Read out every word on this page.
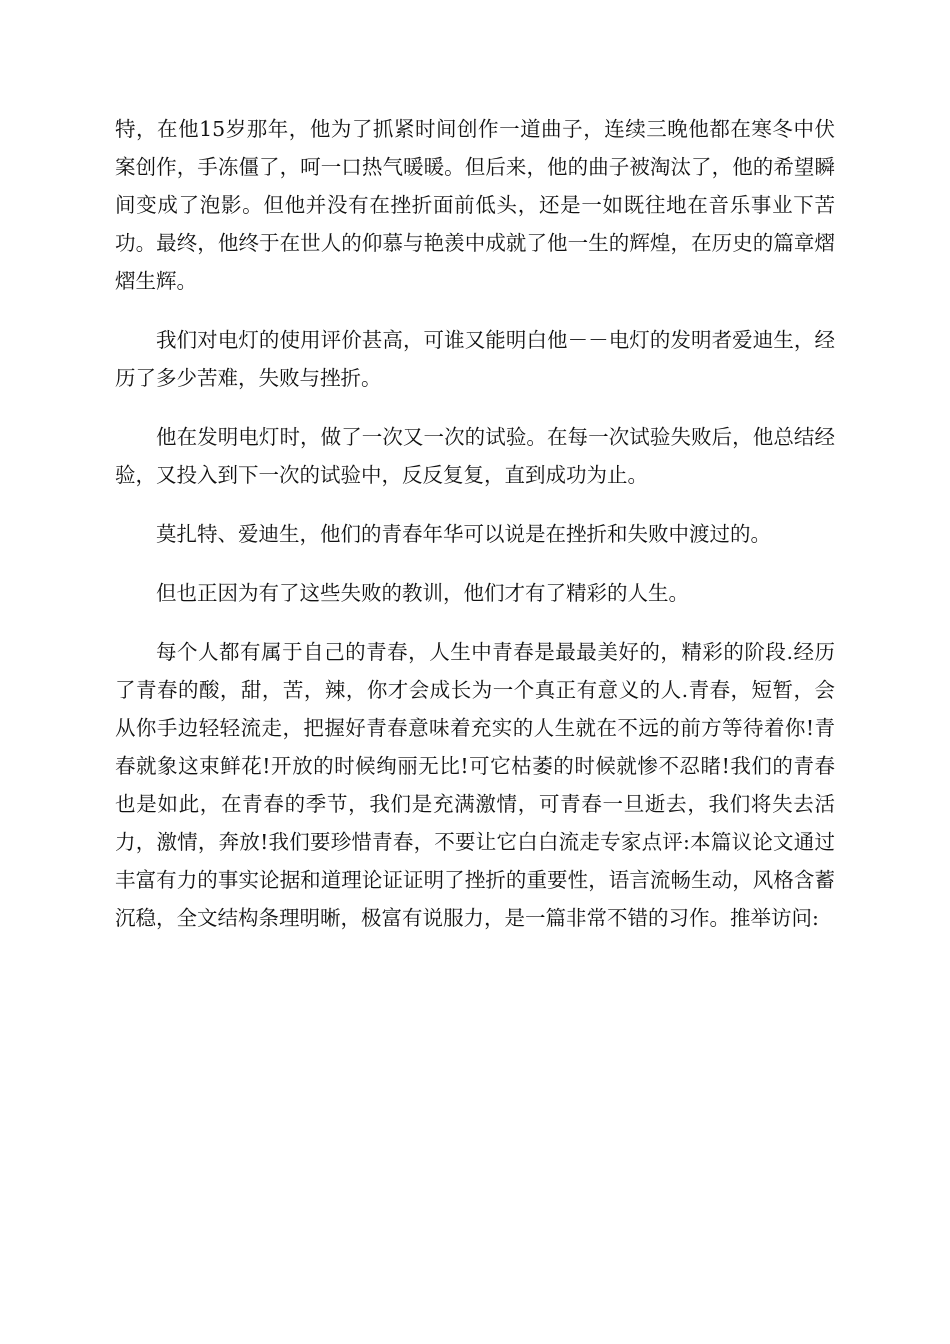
特，在他15岁那年，他为了抓紧时间创作一道曲子，连续三晚他都在寒冬中伏案创作，手冻僵了，呵一口热气暖暖。但后来，他的曲子被淘汰了，他的希望瞬间变成了泡影。但他并没有在挫折面前低头，还是一如既往地在音乐事业下苦功。最终，他终于在世人的仰慕与艳羡中成就了他一生的辉煌，在历史的篇章熠熠生辉。

我们对电灯的使用评价甚高，可谁又能明白他－－电灯的发明者爱迪生，经历了多少苦难，失败与挫折。

他在发明电灯时，做了一次又一次的试验。在每一次试验失败后，他总结经验，又投入到下一次的试验中，反反复复，直到成功为止。

莫扎特、爱迪生，他们的青春年华可以说是在挫折和失败中渡过的。

但也正因为有了这些失败的教训，他们才有了精彩的人生。

每个人都有属于自己的青春，人生中青春是最最美好的，精彩的阶段.经历了青春的酸，甜，苦，辣，你才会成长为一个真正有意义的人.青春，短暂，会从你手边轻轻流走，把握好青春意味着充实的人生就在不远的前方等待着你!青春就象这束鲜花!开放的时候绚丽无比!可它枯萎的时候就惨不忍睹!我们的青春也是如此，在青春的季节，我们是充满激情，可青春一旦逝去，我们将失去活力，激情，奔放!我们要珍惜青春，不要让它白白流走专家点评:本篇议论文通过丰富有力的事实论据和道理论证证明了挫折的重要性，语言流畅生动，风格含蓄沉稳，全文结构条理明晰，极富有说服力，是一篇非常不错的习作。推举访问:
